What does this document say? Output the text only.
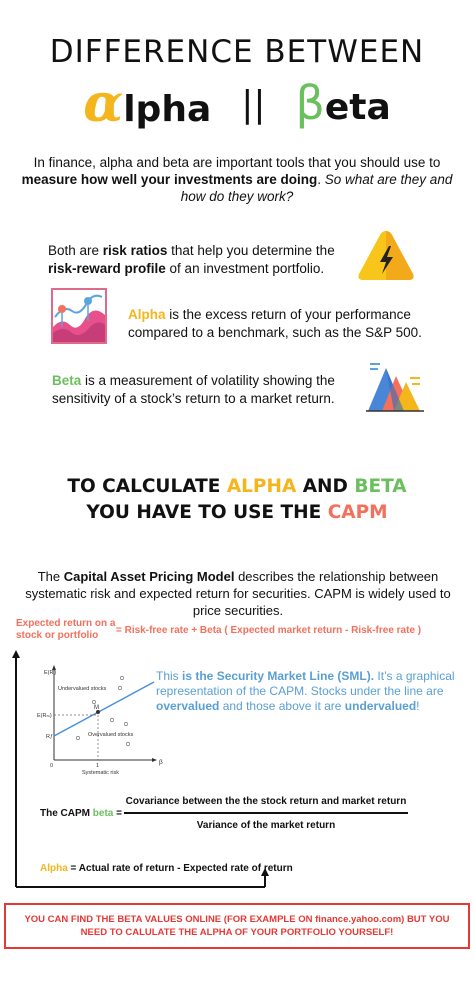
DIFFERENCE BETWEEN
αlpha || βeta
In finance, alpha and beta are important tools that you should use to measure how well your investments are doing. So what are they and how do they work?
Both are risk ratios that help you determine the risk-reward profile of an investment portfolio.
Alpha is the excess return of your performance compared to a benchmark, such as the S&P 500.
Beta is a measurement of volatility showing the sensitivity of a stock’s return to a market return.
TO CALCULATE ALPHA AND BETA
YOU HAVE TO USE THE CAPM
The Capital Asset Pricing Model describes the relationship between systematic risk and expected return for securities. CAPM is widely used to price securities.
Expected return on a stock or portfolio	= Risk-free rate + Beta ( Expected market return - Risk-free rate )
E(Rᵢ)
E(Rₘ)
Rƒ
0	1
Systematic risk
β
M
Undervalued stocks
Overvalued stocks
This is the Security Market Line (SML). It’s a graphical representation of the CAPM. Stocks under the line are overvalued and those above it are undervalued!
The CAPM beta =
Covariance between the the stock return and market return
Variance of the market return
Alpha = Actual rate of return - Expected rate of return
YOU CAN FIND THE BETA VALUES ONLINE (FOR EXAMPLE ON finance.yahoo.com) BUT YOU NEED TO CALULATE THE ALPHA OF YOUR PORTFOLIO YOURSELF!
